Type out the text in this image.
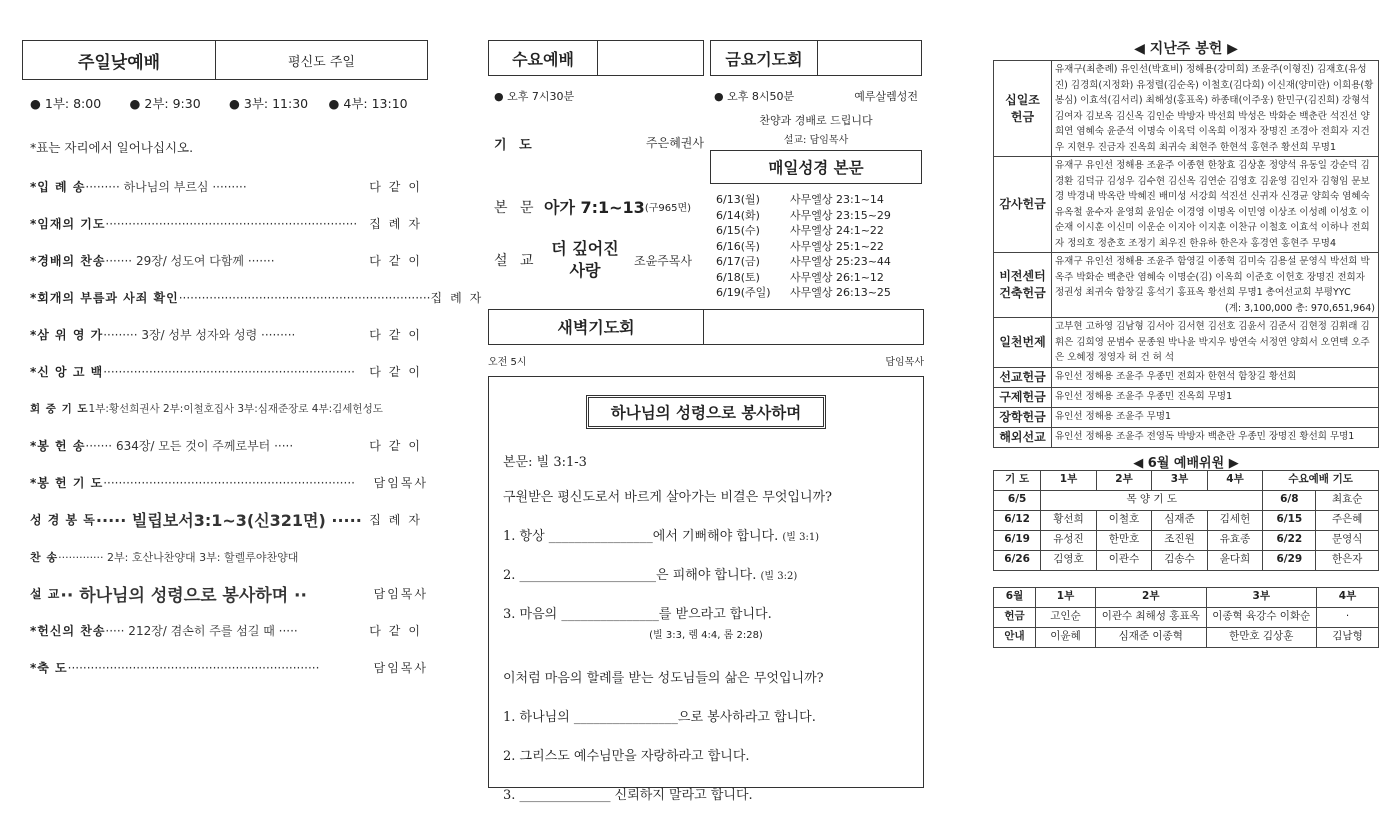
주일낮예배	평신도 주일
● 1부: 8:00	● 2부: 9:30	● 3부: 11:30	● 4부: 13:10
*표는 자리에서 일어나십시오.
*입 례 송 ········· 하나님의 부르심 ·········	다같이
*임재의 기도 ··································································	집례자
*경배의 찬송 ······· 29장/ 성도여 다함께 ·······	다같이
*회개의 부름과 사죄 확인 ·································································· 집례자
*삼 위 영 가 ········· 3장/ 성부 성자와 성령 ·········	다같이
*신 앙 고 백 ··································································	다같이
회 중 기 도 1부:황선희권사 2부:이철호집사 3부:심재준장로 4부:김세헌성도
*봉 헌 송 ······· 634장/ 모든 것이 주께로부터 ·····	다같이
*봉 헌 기 도 ··································································	담임목사
성 경 봉 독 ····· 빌립보서3:1~3(신321면) ····· 집례자
찬 송 ············· 2부: 호산나찬양대 3부: 할렐루야찬양대
설 교 ·· 하나님의 성령으로 봉사하며 ··	담임목사
*헌신의 찬송 ····· 212장/ 겸손히 주를 섬길 때 ·····	다같이
*축 도 ··································································	담임목사
수요예배
● 오후 7시30분
기 도	주은혜권사
본 문 아가 7:1~13 (구965면)
설 교
더 깊어진
사랑
조윤주목사
금요기도회
● 오후 8시50분	예루살렘성전
찬양과 경배로 드립니다
설교: 담임목사
매일성경 본문
6/13(월)	사무엘상 23:1~14
6/14(화)	사무엘상 23:15~29
6/15(수)	사무엘상 24:1~22
6/16(목)	사무엘상 25:1~22
6/17(금)	사무엘상 25:23~44
6/18(토)	사무엘상 26:1~12
6/19(주일)	사무엘상 26:13~25
새벽기도회
오전 5시	담임목사
하나님의 성령으로 봉사하며
본문: 빌 3:1-3
구원받은 평신도로서 바르게 살아가는 비결은 무엇입니까?
1. 항상 ________________에서 기뻐해야 합니다. (빌 3:1)
2. _____________________은 피해야 합니다. (빌 3:2)
3. 마음의 _______________를 받으라고 합니다.
(빌 3:3, 렘 4:4, 롬 2:28)
이처럼 마음의 할례를 받는 성도님들의 삶은 무엇입니까?
1. 하나님의 ________________으로 봉사하라고 합니다.
2. 그리스도 예수님만을 자랑하라고 합니다.
3. ______________ 신뢰하지 말라고 합니다.
◀ 지난주 봉헌 ▶
십일조
헌금	유재구(최춘례) 유인선(박효비) 정해용(강미희) 조윤주(이형진) 김재호(유성진) 김경희(지정화) 유정렬(김순옥) 이철호(김다희) 이신재(양미란) 이희용(황봉심) 이효석(김서리) 최해성(홍표옥) 하종태(이주웅) 한민구(김진희) 강형석 김여자 김보옥 김신옥 김인순 박방자 박선희 박성은 박화순 백춘란 석진선 양희연 염혜숙 윤준석 이명숙 이육덕 이옥희 이정자 장명진 조경아 전희자 지건우 지현우 진금자 진옥희 최귀숙 최현주 한현석 홍현주 황선희 무명1
감사헌금	유재구 유인선 정해용 조윤주 이종현 한창효 김상훈 정양석 유동일 강순덕 김경환 김덕규 김성우 김수현 김신옥 김연순 김영호 김윤영 김인자 김형임 문보경 박경내 박옥란 박혜진 배미성 서강희 석진선 신귀자 신경균 양희숙 염혜숙 유옥철 윤수자 윤영희 윤임순 이경영 이명옥 이민영 이상조 이성례 이성호 이순재 이시훈 이신미 이운순 이지아 이지훈 이찬규 이철호 이효석 이하나 전희자 정의호 정춘호 조정기 최우진 한유하 한은자 홍경연 홍현주 무명4
비전센터
건축헌금	유재구 유인선 정해용 조윤주 함영길 이종혁 김미숙 김용설 문영식 박선희 박옥주 박화순 백춘란 염혜숙 이명순(김) 이옥희 이준호 이헌호 장명진 전희자 정권성 최귀숙 함창길 홍석기 홍표옥 황선희 무명1 총여선교회 부평YYC
(계: 3,100,000 총: 970,651,964)

일천번제	고부현 고하영 김남형 김서아 김서현 김선호 김윤서 김준서 김현정 김휘래 김휘은 김희영 문범수 문종원 박나윤 박지우 방연숙 서정연 양희서 오연택 오주은 오혜정 정영자 허 건 허 석
선교헌금	유인선 정해용 조윤주 우종민 전희자 한현석 함창길 황선희
구제헌금	유인선 정해용 조윤주 우종민 진옥희 무명1
장학헌금	유인선 정해용 조윤주 무명1
해외선교	유인선 정해용 조윤주 전영독 박방자 백춘란 우종민 장명진 황선희 무명1
◀ 6월 예배위원 ▶
기 도	1부	2부	3부	4부	수요예배 기도	
6/5	목 양 기 도				6/8	최효순
6/12	황선희	이철호	심재준	김세헌	6/15	주은혜
6/19	유성진	한만호	조진원	유효종	6/22	문영식
6/26	김영호	이관수	김송수	윤다희	6/29	한은자
6월	1부	2부	3부	4부
헌금	고인순	이관수 최해성 홍표옥	이종혁 육강수 이화순	·
안내	이윤혜	심재준 이종혁	한만호 김상훈	김남형
